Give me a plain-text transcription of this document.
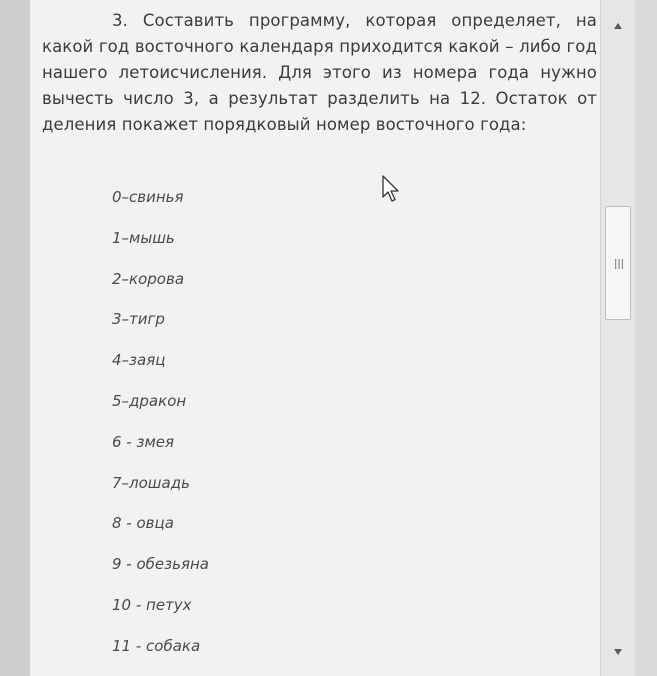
3. Составить программу, которая определяет, на какой год восточного календаря приходится какой – либо год нашего летоисчисления. Для этого из номера года нужно вычесть число 3, а результат разделить на 12. Остаток от деления покажет порядковый номер восточного года:

0–свинья
1–мышь
2–корова
3–тигр
4–заяц
5–дракон
6 - змея
7–лошадь
8 - овца
9 - обезьяна
10 - петух
11 - собака
